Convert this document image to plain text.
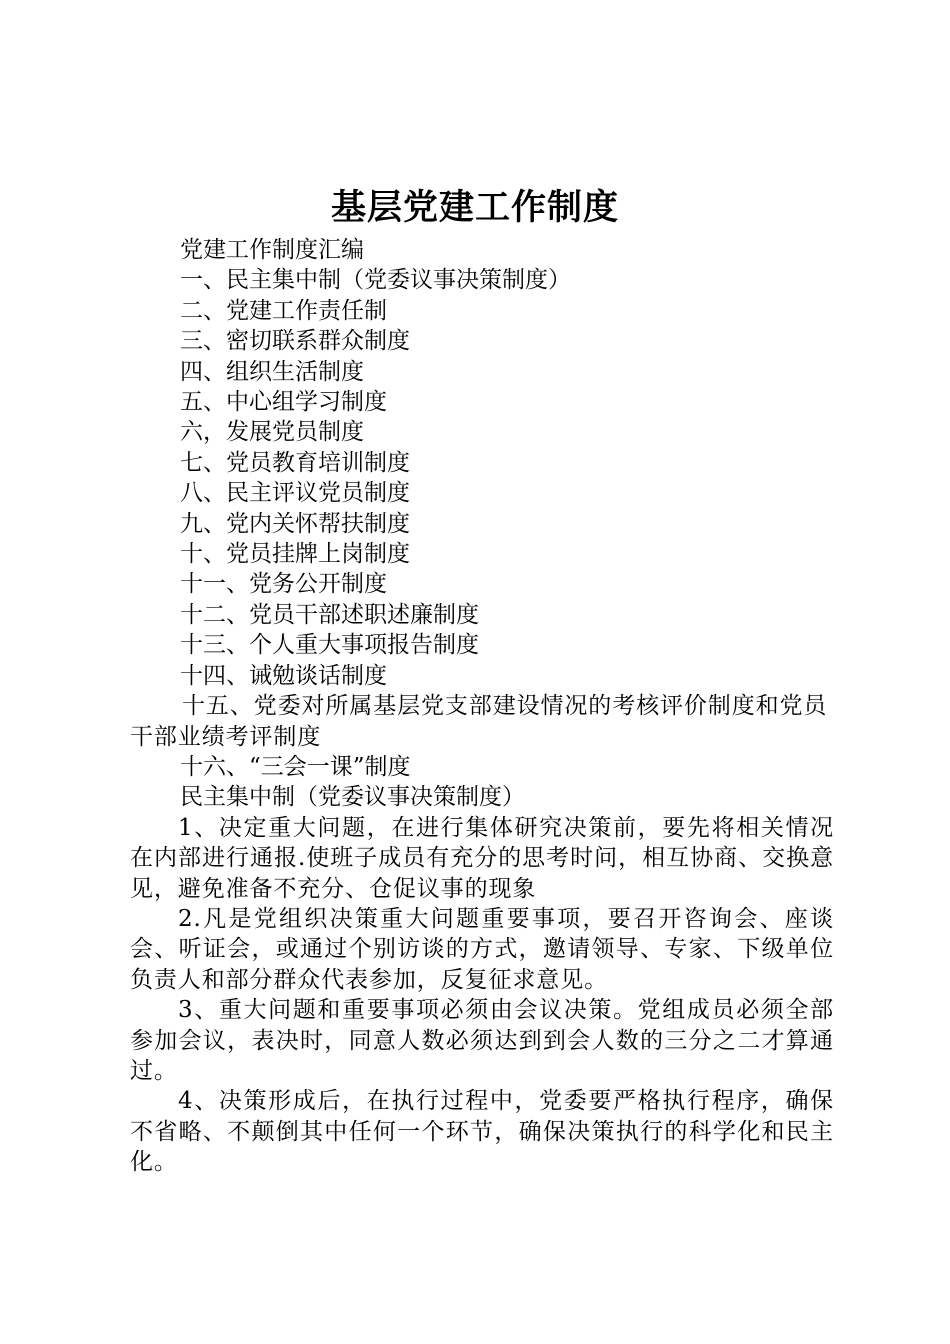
基层党建工作制度
党建工作制度汇编
一、民主集中制（党委议事决策制度）
二、党建工作责任制
三、密切联系群众制度
四、组织生活制度
五、中心组学习制度
六，发展党员制度
七、党员教育培训制度
八、民主评议党员制度
九、党内关怀帮扶制度
十、党员挂牌上岗制度
十一、党务公开制度
十二、党员干部述职述廉制度
十三、个人重大事项报告制度
十四、诫勉谈话制度
十五、党委对所属基层党支部建设情况的考核评价制度和党员干部业绩考评制度
十六、“三会一课”制度
民主集中制（党委议事决策制度）

1、决定重大问题，在进行集体研究决策前，要先将相关情况在内部进行通报.使班子成员有充分的思考时问，相互协商、交换意见，避免准备不充分、仓促议事的现象

2.凡是党组织决策重大问题重要事项，要召开咨询会、座谈会、听证会，或通过个别访谈的方式，邀请领导、专家、下级单位负责人和部分群众代表参加，反复征求意见。

3、重大问题和重要事项必须由会议决策。党组成员必须全部参加会议，表决时，同意人数必须达到到会人数的三分之二才算通过。

4、决策形成后，在执行过程中，党委要严格执行程序，确保不省略、不颠倒其中任何一个环节，确保决策执行的科学化和民主化。
